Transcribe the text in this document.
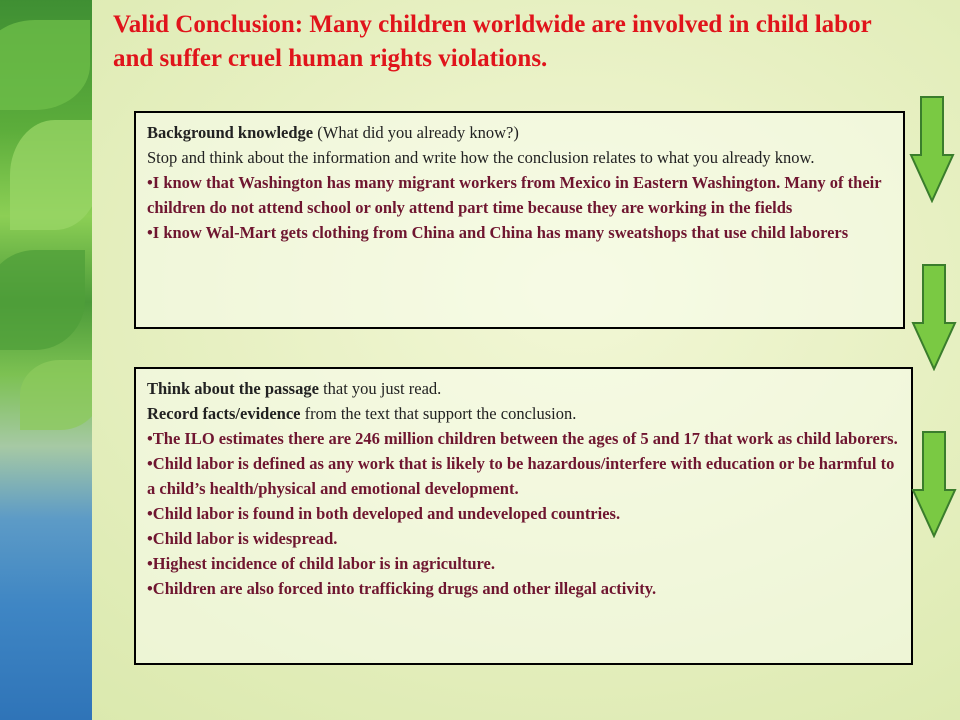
Valid Conclusion: Many children worldwide are involved in child labor and suffer cruel human rights violations.

Background knowledge (What did you already know?)

Stop and think about the information and write how the conclusion relates to what you already know.

•I know that Washington has many migrant workers from Mexico in Eastern Washington. Many of their children do not attend school or only attend part time because they are working in the fields

•I know Wal-Mart gets clothing from China and China has many sweatshops that use child laborers

Think about the passage that you just read.

Record facts/evidence from the text that support the conclusion.

•The ILO estimates there are 246 million children between the ages of 5 and 17 that work as child laborers.

•Child labor is defined as any work that is likely to be hazardous/interfere with education or be harmful to a child’s health/physical and emotional development.

•Child labor is found in both developed and undeveloped countries.

•Child labor is widespread.

•Highest incidence of child labor is in agriculture.

•Children are also forced into trafficking drugs and other illegal activity.
